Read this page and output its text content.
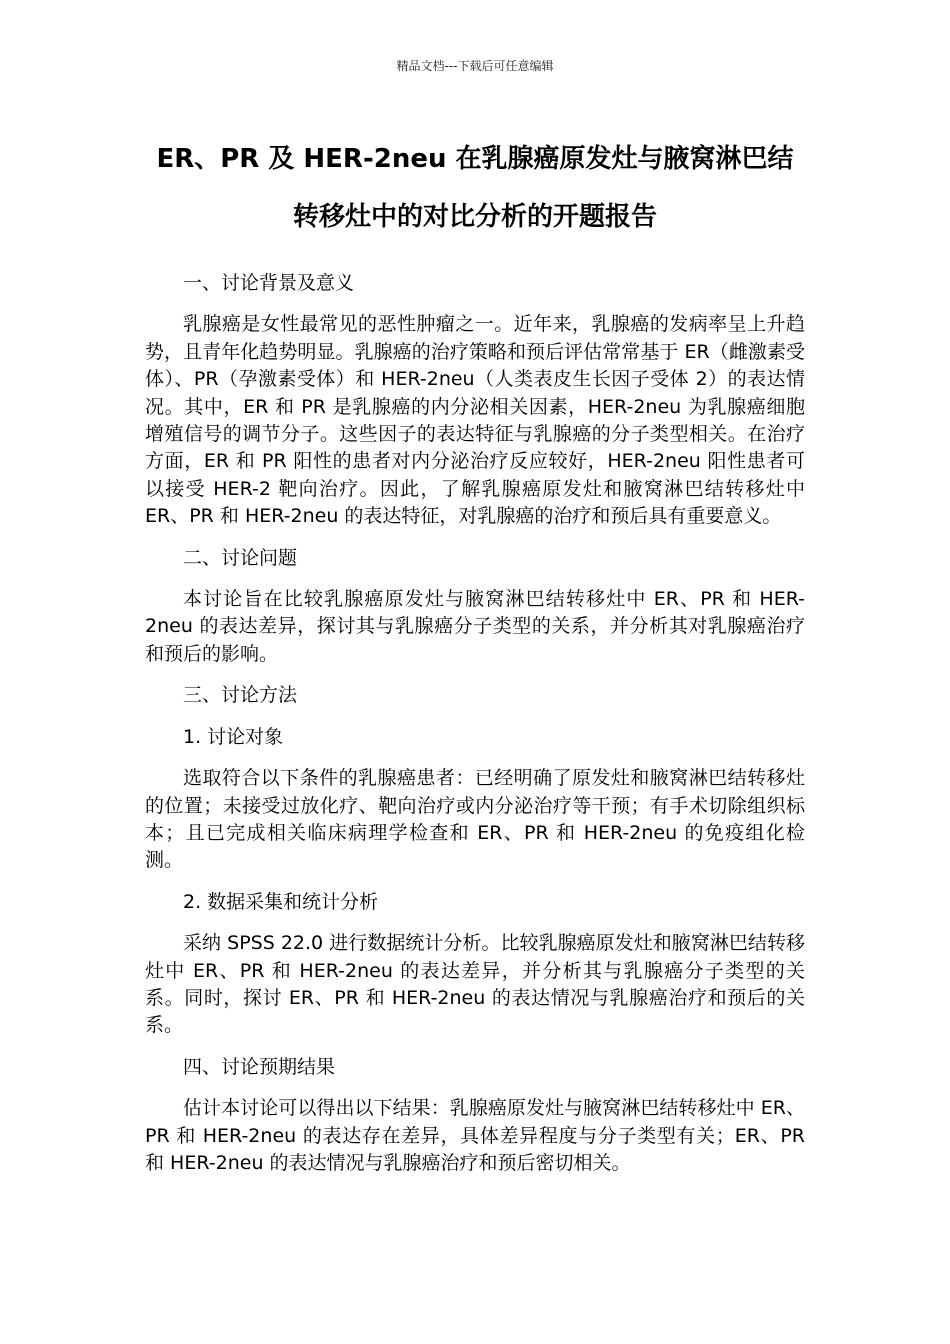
精品文档---下载后可任意编辑
ER、PR 及 HER-2neu 在乳腺癌原发灶与腋窝淋巴结
转移灶中的对比分析的开题报告
一、讨论背景及意义
乳腺癌是女性最常见的恶性肿瘤之一。近年来，乳腺癌的发病率呈上升趋势，且青年化趋势明显。乳腺癌的治疗策略和预后评估常常基于 ER（雌激素受体）、PR（孕激素受体）和 HER-2neu（人类表皮生长因子受体 2）的表达情况。其中，ER 和 PR 是乳腺癌的内分泌相关因素，HER-2neu 为乳腺癌细胞增殖信号的调节分子。这些因子的表达特征与乳腺癌的分子类型相关。在治疗方面，ER 和 PR 阳性的患者对内分泌治疗反应较好，HER-2neu 阳性患者可以接受 HER-2 靶向治疗。因此，了解乳腺癌原发灶和腋窝淋巴结转移灶中 ER、PR 和 HER-2neu 的表达特征，对乳腺癌的治疗和预后具有重要意义。
二、讨论问题
本讨论旨在比较乳腺癌原发灶与腋窝淋巴结转移灶中 ER、PR 和 HER-2neu 的表达差异，探讨其与乳腺癌分子类型的关系，并分析其对乳腺癌治疗和预后的影响。
三、讨论方法
1. 讨论对象
选取符合以下条件的乳腺癌患者：已经明确了原发灶和腋窝淋巴结转移灶的位置；未接受过放化疗、靶向治疗或内分泌治疗等干预；有手术切除组织标本；且已完成相关临床病理学检查和 ER、PR 和 HER-2neu 的免疫组化检测。
2. 数据采集和统计分析
采纳 SPSS 22.0 进行数据统计分析。比较乳腺癌原发灶和腋窝淋巴结转移灶中 ER、PR 和 HER-2neu 的表达差异，并分析其与乳腺癌分子类型的关系。同时，探讨 ER、PR 和 HER-2neu 的表达情况与乳腺癌治疗和预后的关系。
四、讨论预期结果
估计本讨论可以得出以下结果：乳腺癌原发灶与腋窝淋巴结转移灶中 ER、PR 和 HER-2neu 的表达存在差异，具体差异程度与分子类型有关；ER、PR 和 HER-2neu 的表达情况与乳腺癌治疗和预后密切相关。
